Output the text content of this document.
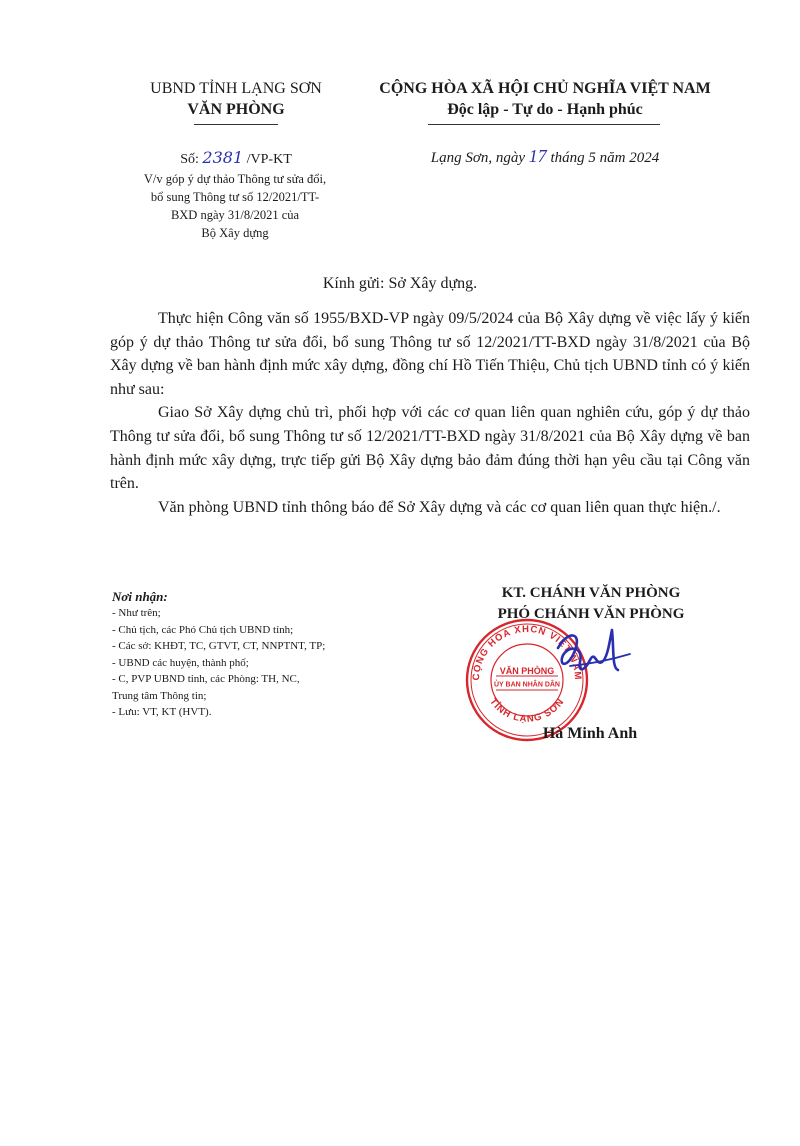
UBND TỈNH LẠNG SƠN
VĂN PHÒNG
CỘNG HÒA XÃ HỘI CHỦ NGHĨA VIỆT NAM
Độc lập - Tự do - Hạnh phúc
Số: 2381 /VP-KT
V/v góp ý dự thảo Thông tư sửa đổi,
bổ sung Thông tư số 12/2021/TT-
BXD ngày 31/8/2021 của
Bộ Xây dựng
Lạng Sơn, ngày 17 tháng 5 năm 2024
Kính gửi: Sở Xây dựng.

Thực hiện Công văn số 1955/BXD-VP ngày 09/5/2024 của Bộ Xây dựng về việc lấy ý kiến góp ý dự thảo Thông tư sửa đổi, bổ sung Thông tư số 12/2021/TT-BXD ngày 31/8/2021 của Bộ Xây dựng về ban hành định mức xây dựng, đồng chí Hồ Tiến Thiệu, Chủ tịch UBND tỉnh có ý kiến như sau:

Giao Sở Xây dựng chủ trì, phối hợp với các cơ quan liên quan nghiên cứu, góp ý dự thảo Thông tư sửa đổi, bổ sung Thông tư số 12/2021/TT-BXD ngày 31/8/2021 của Bộ Xây dựng về ban hành định mức xây dựng, trực tiếp gửi Bộ Xây dựng bảo đảm đúng thời hạn yêu cầu tại Công văn trên.

Văn phòng UBND tỉnh thông báo để Sở Xây dựng và các cơ quan liên quan thực hiện./.

Nơi nhận:
- Như trên;
- Chủ tịch, các Phó Chủ tịch UBND tỉnh;
- Các sở: KHĐT, TC, GTVT, CT, NNPTNT, TP;
- UBND các huyện, thành phố;
- C, PVP UBND tỉnh, các Phòng: TH, NC,
Trung tâm Thông tin;
- Lưu: VT, KT (HVT).
KT. CHÁNH VĂN PHÒNG
PHÓ CHÁNH VĂN PHÒNG
CỘNG HÒA XHCN VIỆT NAM
TỈNH LẠNG SƠN
VĂN PHÒNG
ỦY BAN NHÂN DÂN
Hà Minh Anh
